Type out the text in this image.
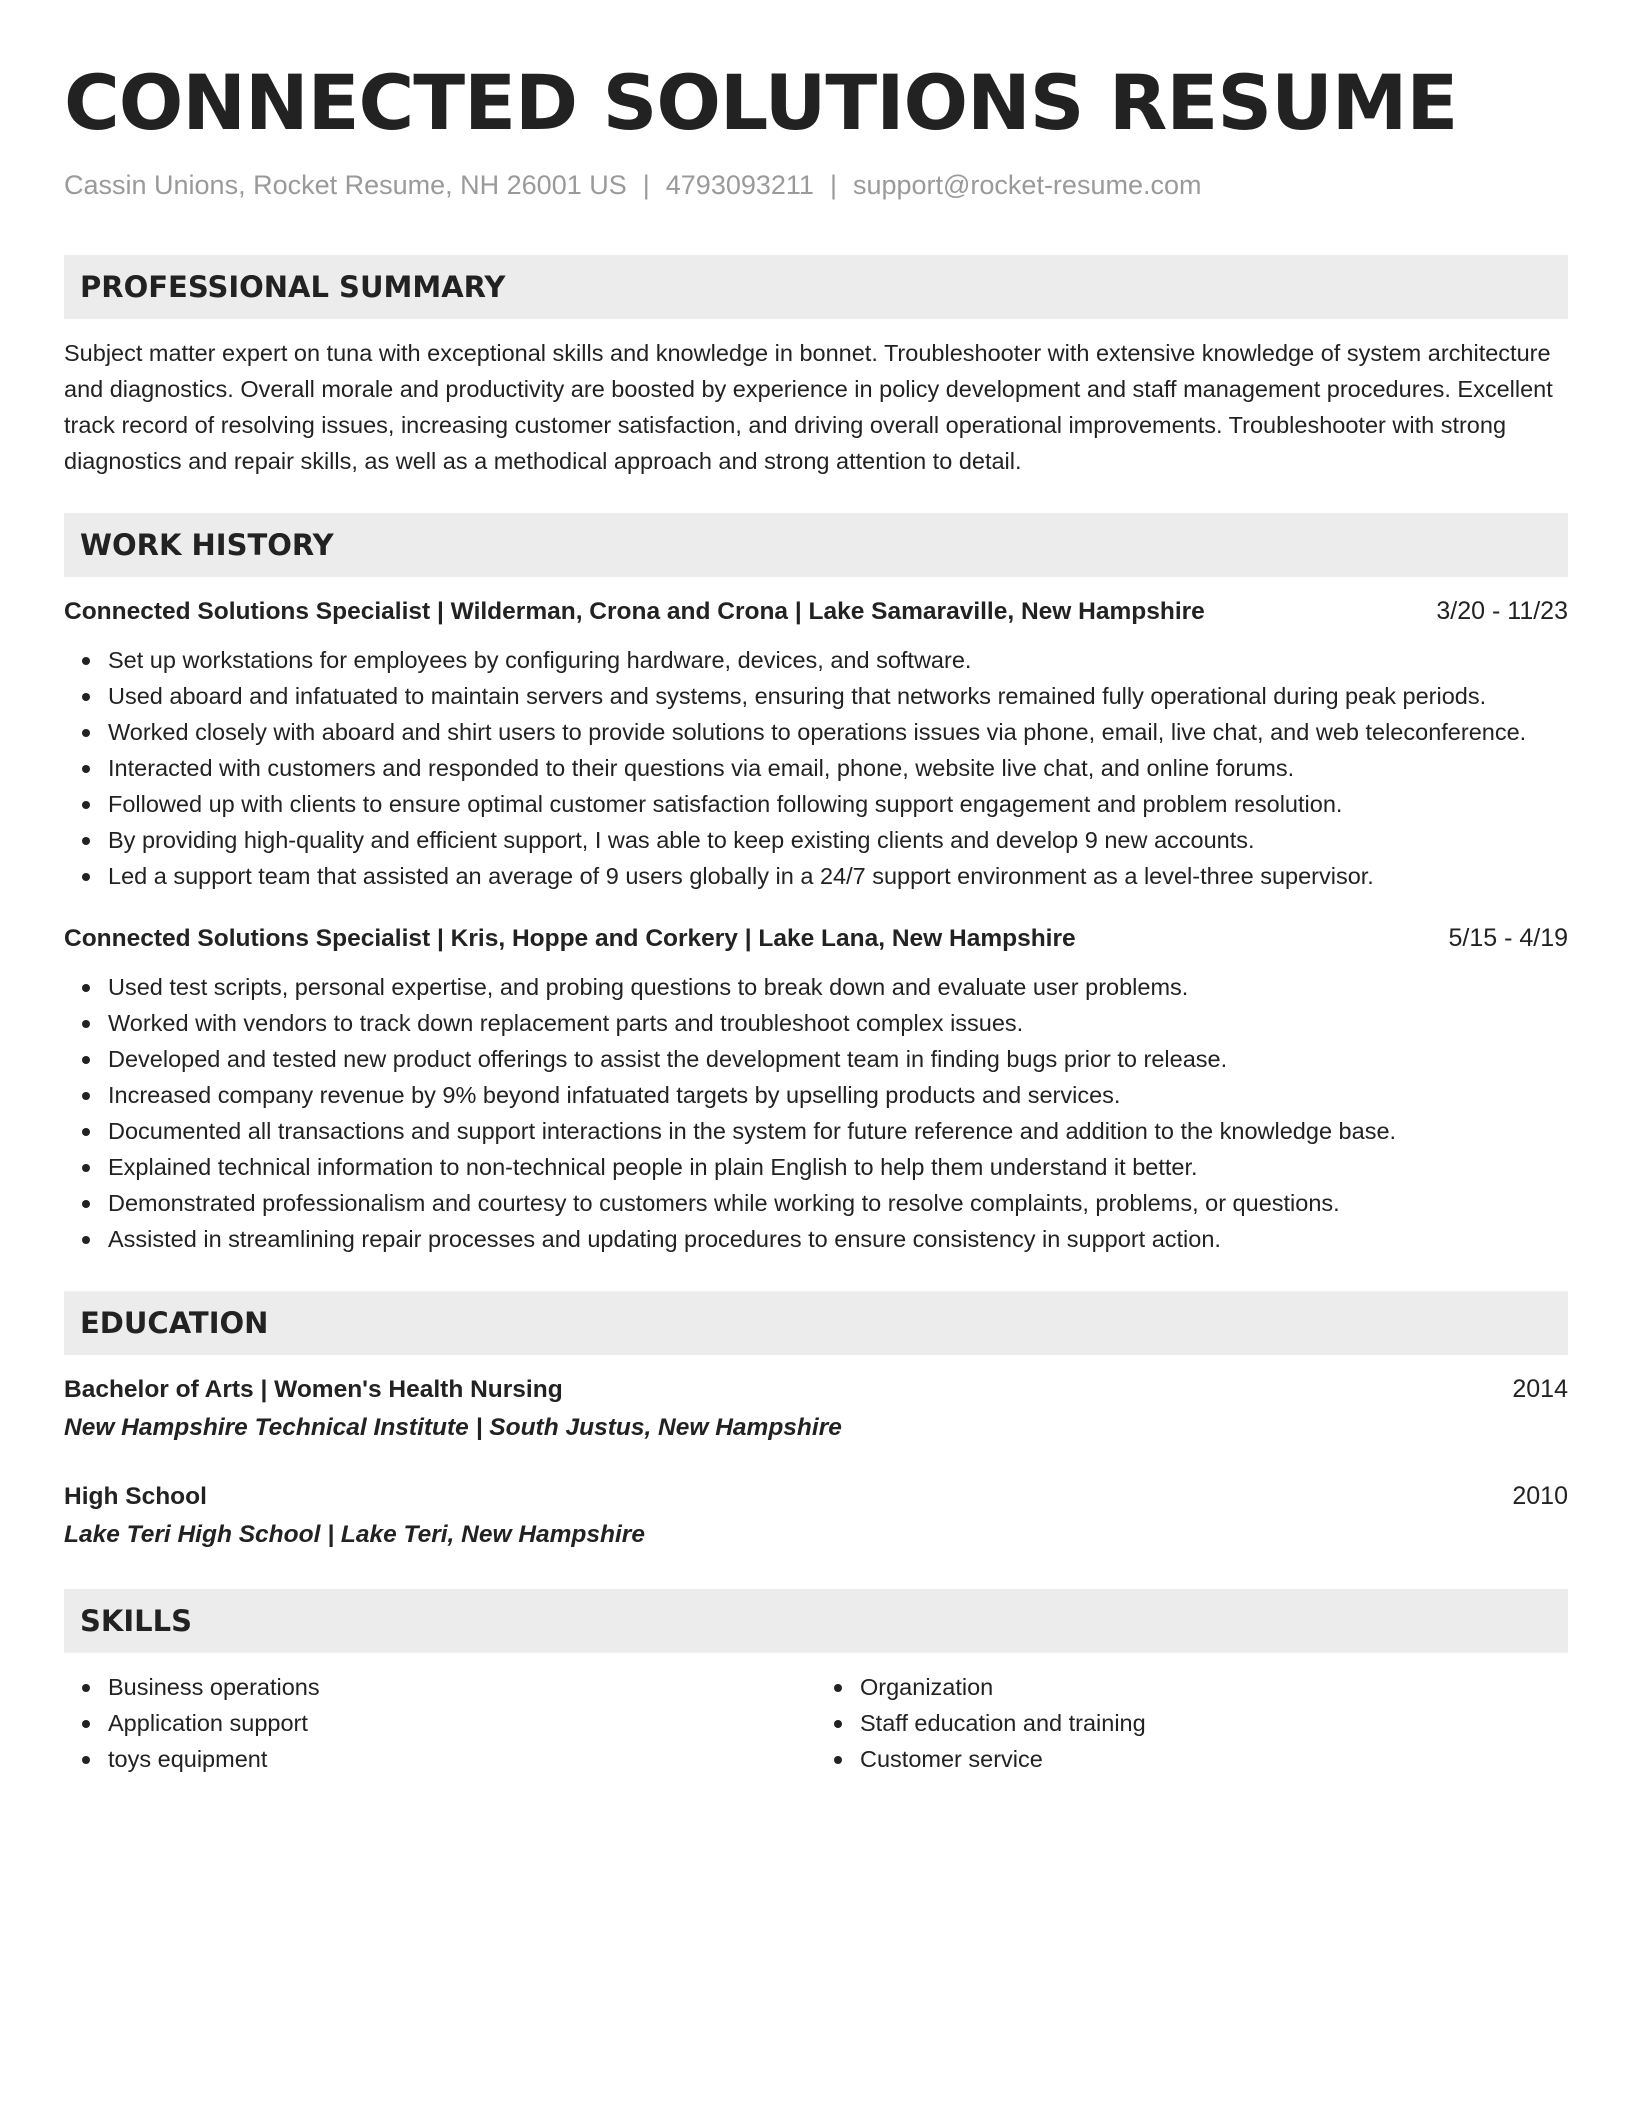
CONNECTED SOLUTIONS RESUME
Cassin Unions, Rocket Resume, NH 26001 US | 4793093211 | support@rocket-resume.com
PROFESSIONAL SUMMARY
Subject matter expert on tuna with exceptional skills and knowledge in bonnet. Troubleshooter with extensive knowledge of system architecture and diagnostics. Overall morale and productivity are boosted by experience in policy development and staff management procedures. Excellent track record of resolving issues, increasing customer satisfaction, and driving overall operational improvements. Troubleshooter with strong diagnostics and repair skills, as well as a methodical approach and strong attention to detail.
WORK HISTORY
Connected Solutions Specialist | Wilderman, Crona and Crona | Lake Samaraville, New Hampshire	3/20 - 11/23
Set up workstations for employees by configuring hardware, devices, and software.
Used aboard and infatuated to maintain servers and systems, ensuring that networks remained fully operational during peak periods.
Worked closely with aboard and shirt users to provide solutions to operations issues via phone, email, live chat, and web teleconference.
Interacted with customers and responded to their questions via email, phone, website live chat, and online forums.
Followed up with clients to ensure optimal customer satisfaction following support engagement and problem resolution.
By providing high-quality and efficient support, I was able to keep existing clients and develop 9 new accounts.
Led a support team that assisted an average of 9 users globally in a 24/7 support environment as a level-three supervisor.
Connected Solutions Specialist | Kris, Hoppe and Corkery | Lake Lana, New Hampshire	5/15 - 4/19
Used test scripts, personal expertise, and probing questions to break down and evaluate user problems.
Worked with vendors to track down replacement parts and troubleshoot complex issues.
Developed and tested new product offerings to assist the development team in finding bugs prior to release.
Increased company revenue by 9% beyond infatuated targets by upselling products and services.
Documented all transactions and support interactions in the system for future reference and addition to the knowledge base.
Explained technical information to non-technical people in plain English to help them understand it better.
Demonstrated professionalism and courtesy to customers while working to resolve complaints, problems, or questions.
Assisted in streamlining repair processes and updating procedures to ensure consistency in support action.
EDUCATION
Bachelor of Arts | Women's Health Nursing	2014
New Hampshire Technical Institute | South Justus, New Hampshire
High School	2010
Lake Teri High School | Lake Teri, New Hampshire
SKILLS
Business operations
Application support
toys equipment
Organization
Staff education and training
Customer service
